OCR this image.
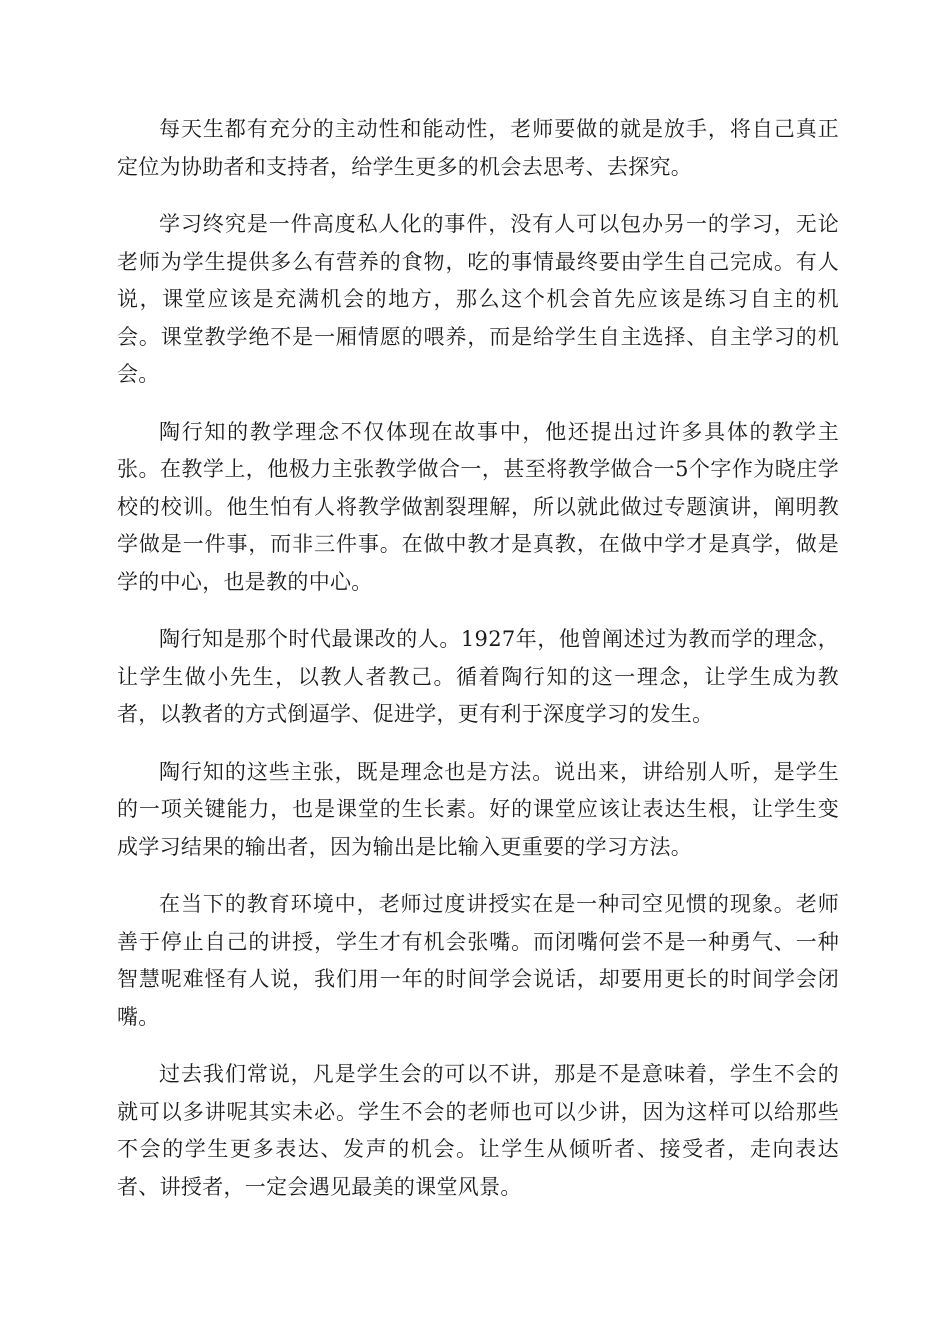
每天生都有充分的主动性和能动性，老师要做的就是放手，将自己真正定位为协助者和支持者，给学生更多的机会去思考、去探究。

学习终究是一件高度私人化的事件，没有人可以包办另一的学习，无论老师为学生提供多么有营养的食物，吃的事情最终要由学生自己完成。有人说，课堂应该是充满机会的地方，那么这个机会首先应该是练习自主的机会。课堂教学绝不是一厢情愿的喂养，而是给学生自主选择、自主学习的机会。

陶行知的教学理念不仅体现在故事中，他还提出过许多具体的教学主张。在教学上，他极力主张教学做合一，甚至将教学做合一5个字作为晓庄学校的校训。他生怕有人将教学做割裂理解，所以就此做过专题演讲，阐明教学做是一件事，而非三件事。在做中教才是真教，在做中学才是真学，做是学的中心，也是教的中心。

陶行知是那个时代最课改的人。1927年，他曾阐述过为教而学的理念，让学生做小先生，以教人者教己。循着陶行知的这一理念，让学生成为教者，以教者的方式倒逼学、促进学，更有利于深度学习的发生。

陶行知的这些主张，既是理念也是方法。说出来，讲给别人听，是学生的一项关键能力，也是课堂的生长素。好的课堂应该让表达生根，让学生变成学习结果的输出者，因为输出是比输入更重要的学习方法。

在当下的教育环境中，老师过度讲授实在是一种司空见惯的现象。老师善于停止自己的讲授，学生才有机会张嘴。而闭嘴何尝不是一种勇气、一种智慧呢难怪有人说，我们用一年的时间学会说话，却要用更长的时间学会闭嘴。

过去我们常说，凡是学生会的可以不讲，那是不是意味着，学生不会的就可以多讲呢其实未必。学生不会的老师也可以少讲，因为这样可以给那些不会的学生更多表达、发声的机会。让学生从倾听者、接受者，走向表达者、讲授者，一定会遇见最美的课堂风景。
